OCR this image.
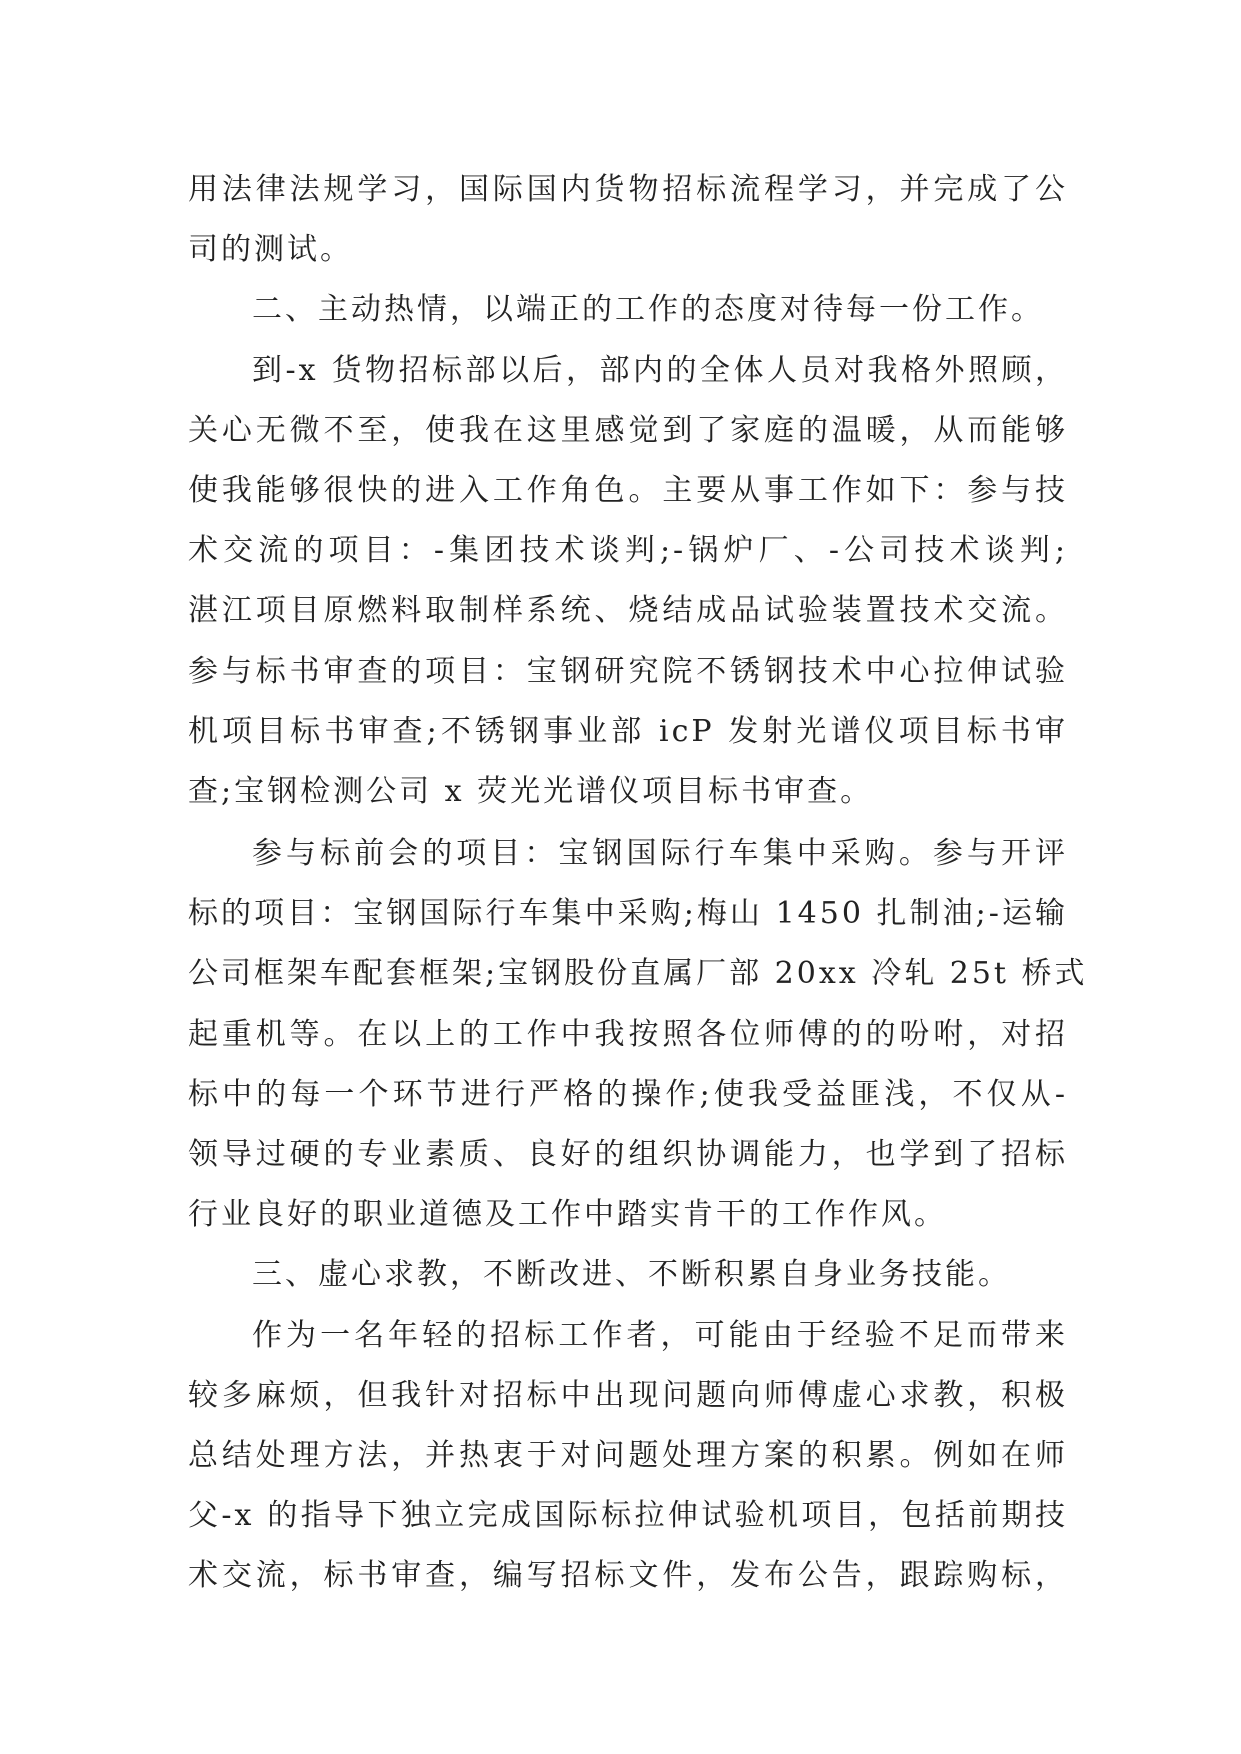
用法律法规学习，国际国内货物招标流程学习，并完成了公
司的测试。
二、主动热情，以端正的工作的态度对待每一份工作。
到-x 货物招标部以后，部内的全体人员对我格外照顾，
关心无微不至，使我在这里感觉到了家庭的温暖，从而能够
使我能够很快的进入工作角色。主要从事工作如下：参与技
术交流的项目：-集团技术谈判;-锅炉厂、-公司技术谈判;
湛江项目原燃料取制样系统、烧结成品试验装置技术交流。
参与标书审查的项目：宝钢研究院不锈钢技术中心拉伸试验
机项目标书审查;不锈钢事业部 icP 发射光谱仪项目标书审
查;宝钢检测公司 x 荧光光谱仪项目标书审查。
参与标前会的项目：宝钢国际行车集中采购。参与开评
标的项目：宝钢国际行车集中采购;梅山 1450 扎制油;-运输
公司框架车配套框架;宝钢股份直属厂部 20xx 冷轧 25t 桥式
起重机等。在以上的工作中我按照各位师傅的的吩咐，对招
标中的每一个环节进行严格的操作;使我受益匪浅，不仅从-
领导过硬的专业素质、良好的组织协调能力，也学到了招标
行业良好的职业道德及工作中踏实肯干的工作作风。
三、虚心求教，不断改进、不断积累自身业务技能。
作为一名年轻的招标工作者，可能由于经验不足而带来
较多麻烦，但我针对招标中出现问题向师傅虚心求教，积极
总结处理方法，并热衷于对问题处理方案的积累。例如在师
父-x 的指导下独立完成国际标拉伸试验机项目，包括前期技
术交流，标书审查，编写招标文件，发布公告，跟踪购标，
